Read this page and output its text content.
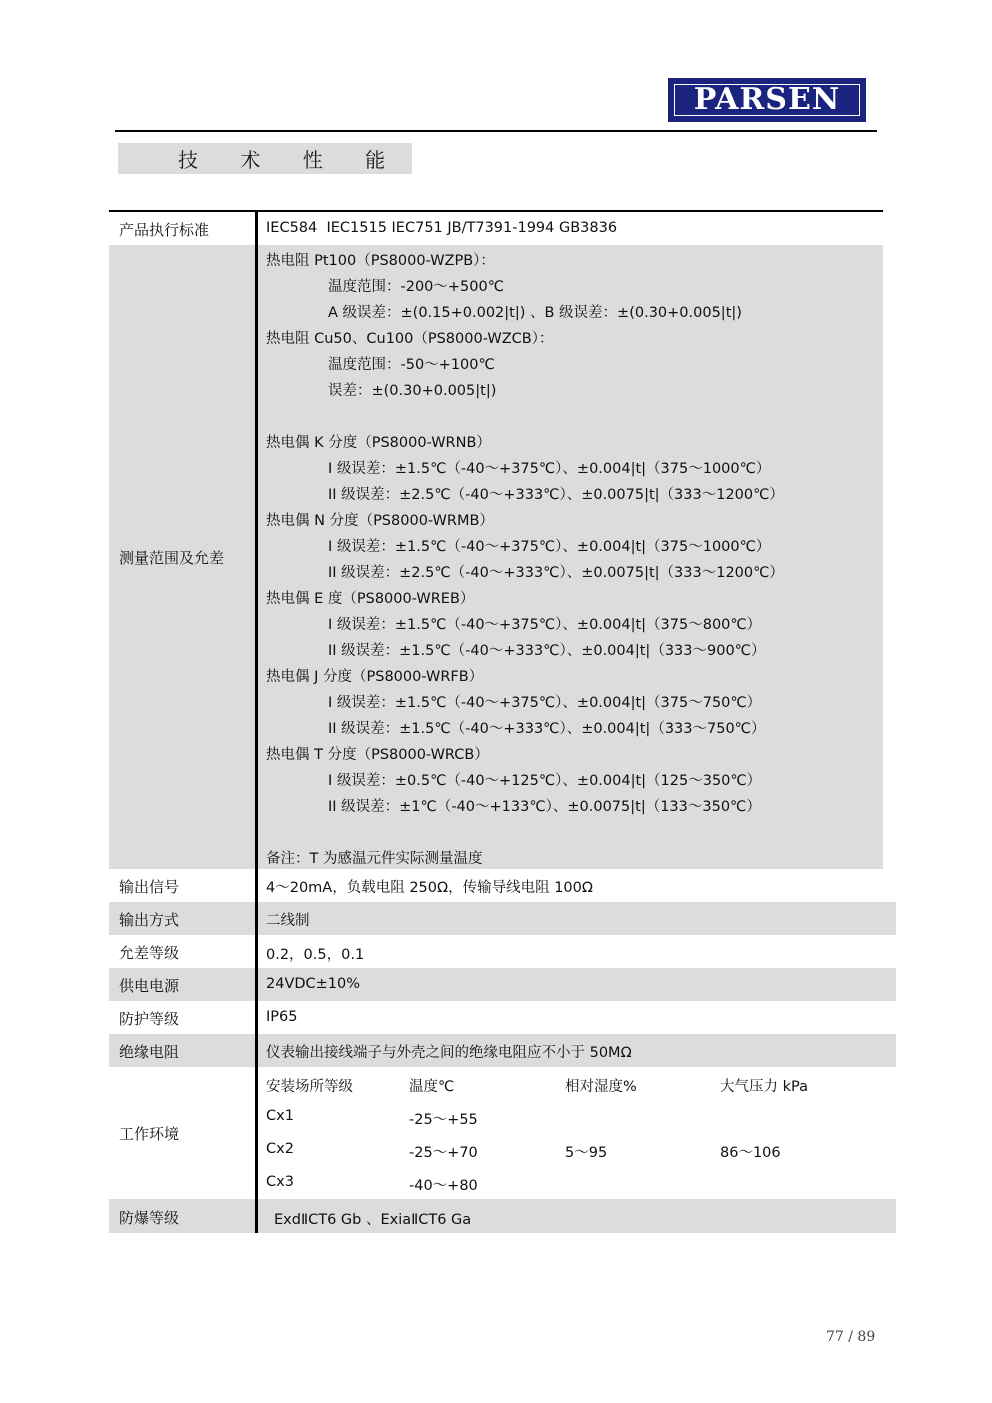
PARSEN
技 术 性 能
产品执行标准	IEC584  IEC1515 IEC751 JB/T7391-1994 GB3836
测量范围及允差
热电阻 Pt100（PS8000-WZPB）：
温度范围：-200～+500℃
A 级误差：±(0.15+0.002|t|) 、B 级误差：±(0.30+0.005|t|)
热电阻 Cu50、Cu100（PS8000-WZCB）：
温度范围：-50～+100℃
误差：±(0.30+0.005|t|)
热电偶 K 分度（PS8000-WRNB）
I 级误差：±1.5℃（-40～+375℃）、±0.004|t|（375～1000℃）
II 级误差：±2.5℃（-40～+333℃）、±0.0075|t|（333～1200℃）
热电偶 N 分度（PS8000-WRMB）
I 级误差：±1.5℃（-40～+375℃）、±0.004|t|（375～1000℃）
II 级误差：±2.5℃（-40～+333℃）、±0.0075|t|（333～1200℃）
热电偶 E 度（PS8000-WREB）
I 级误差：±1.5℃（-40～+375℃）、±0.004|t|（375～800℃）
II 级误差：±1.5℃（-40～+333℃）、±0.004|t|（333～900℃）
热电偶 J 分度（PS8000-WRFB）
I 级误差：±1.5℃（-40～+375℃）、±0.004|t|（375～750℃）
II 级误差：±1.5℃（-40～+333℃）、±0.004|t|（333～750℃）
热电偶 T 分度（PS8000-WRCB）
I 级误差：±0.5℃（-40～+125℃）、±0.004|t|（125～350℃）
II 级误差：±1℃（-40～+133℃）、±0.0075|t|（133～350℃）
备注：T 为感温元件实际测量温度
输出信号	4～20mA，负载电阻 250Ω，传输导线电阻 100Ω
输出方式	二线制
允差等级	0.2，0.5，0.1
供电电源	24VDC±10%
防护等级	IP65
绝缘电阻	仪表输出接线端子与外壳之间的绝缘电阻应不小于 50MΩ
工作环境
安装场所等级	温度℃	相对湿度%	大气压力 kPa
Cx1	-25～+55
Cx2	-25～+70	5～95	86～106
Cx3	-40～+80
防爆等级	ExdⅡCT6 Gb 、ExiaⅡCT6 Ga
77 / 89
